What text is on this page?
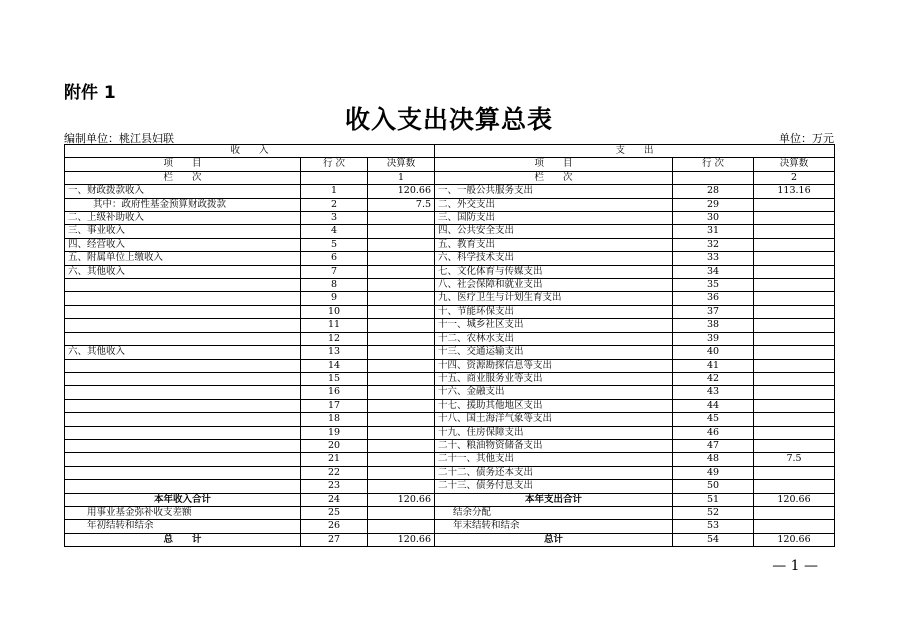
附件 1
收入支出决算总表
编制单位：桃江县妇联	单位：万元
收　　入			支　　出		
项　　目	行 次	决算数	项　　目	行 次	决算数
栏　　次		1	栏　　次		2
一、财政拨款收入	1	120.66	一、一般公共服务支出	28	113.16
其中：政府性基金预算财政拨款	2	7.5	二、外交支出	29	
二、上级补助收入	3		三、国防支出	30	
三、事业收入	4		四、公共安全支出	31	
四、经营收入	5		五、教育支出	32	
五、附属单位上缴收入	6		六、科学技术支出	33	
六、其他收入	7		七、文化体育与传媒支出	34	
	8		八、社会保障和就业支出	35	
	9		九、医疗卫生与计划生育支出	36	
	10		十、节能环保支出	37	
	11		十一、城乡社区支出	38	
	12		十二、农林水支出	39	
六、其他收入	13		十三、交通运输支出	40	
	14		十四、资源勘探信息等支出	41	
	15		十五、商业服务业等支出	42	
	16		十六、金融支出	43	
	17		十七、援助其他地区支出	44	
	18		十八、国土海洋气象等支出	45	
	19		十九、住房保障支出	46	
	20		二十、粮油物资储备支出	47	
	21		二十一、其他支出	48	7.5
	22		二十二、债务还本支出	49	
	23		二十三、债务付息支出	50	
本年收入合计	24	120.66	本年支出合计	51	120.66
用事业基金弥补收支差额	25		结余分配	52	
年初结转和结余	26		年末结转和结余	53	
总　　计	27	120.66	总计	54	120.66
— 1 —
